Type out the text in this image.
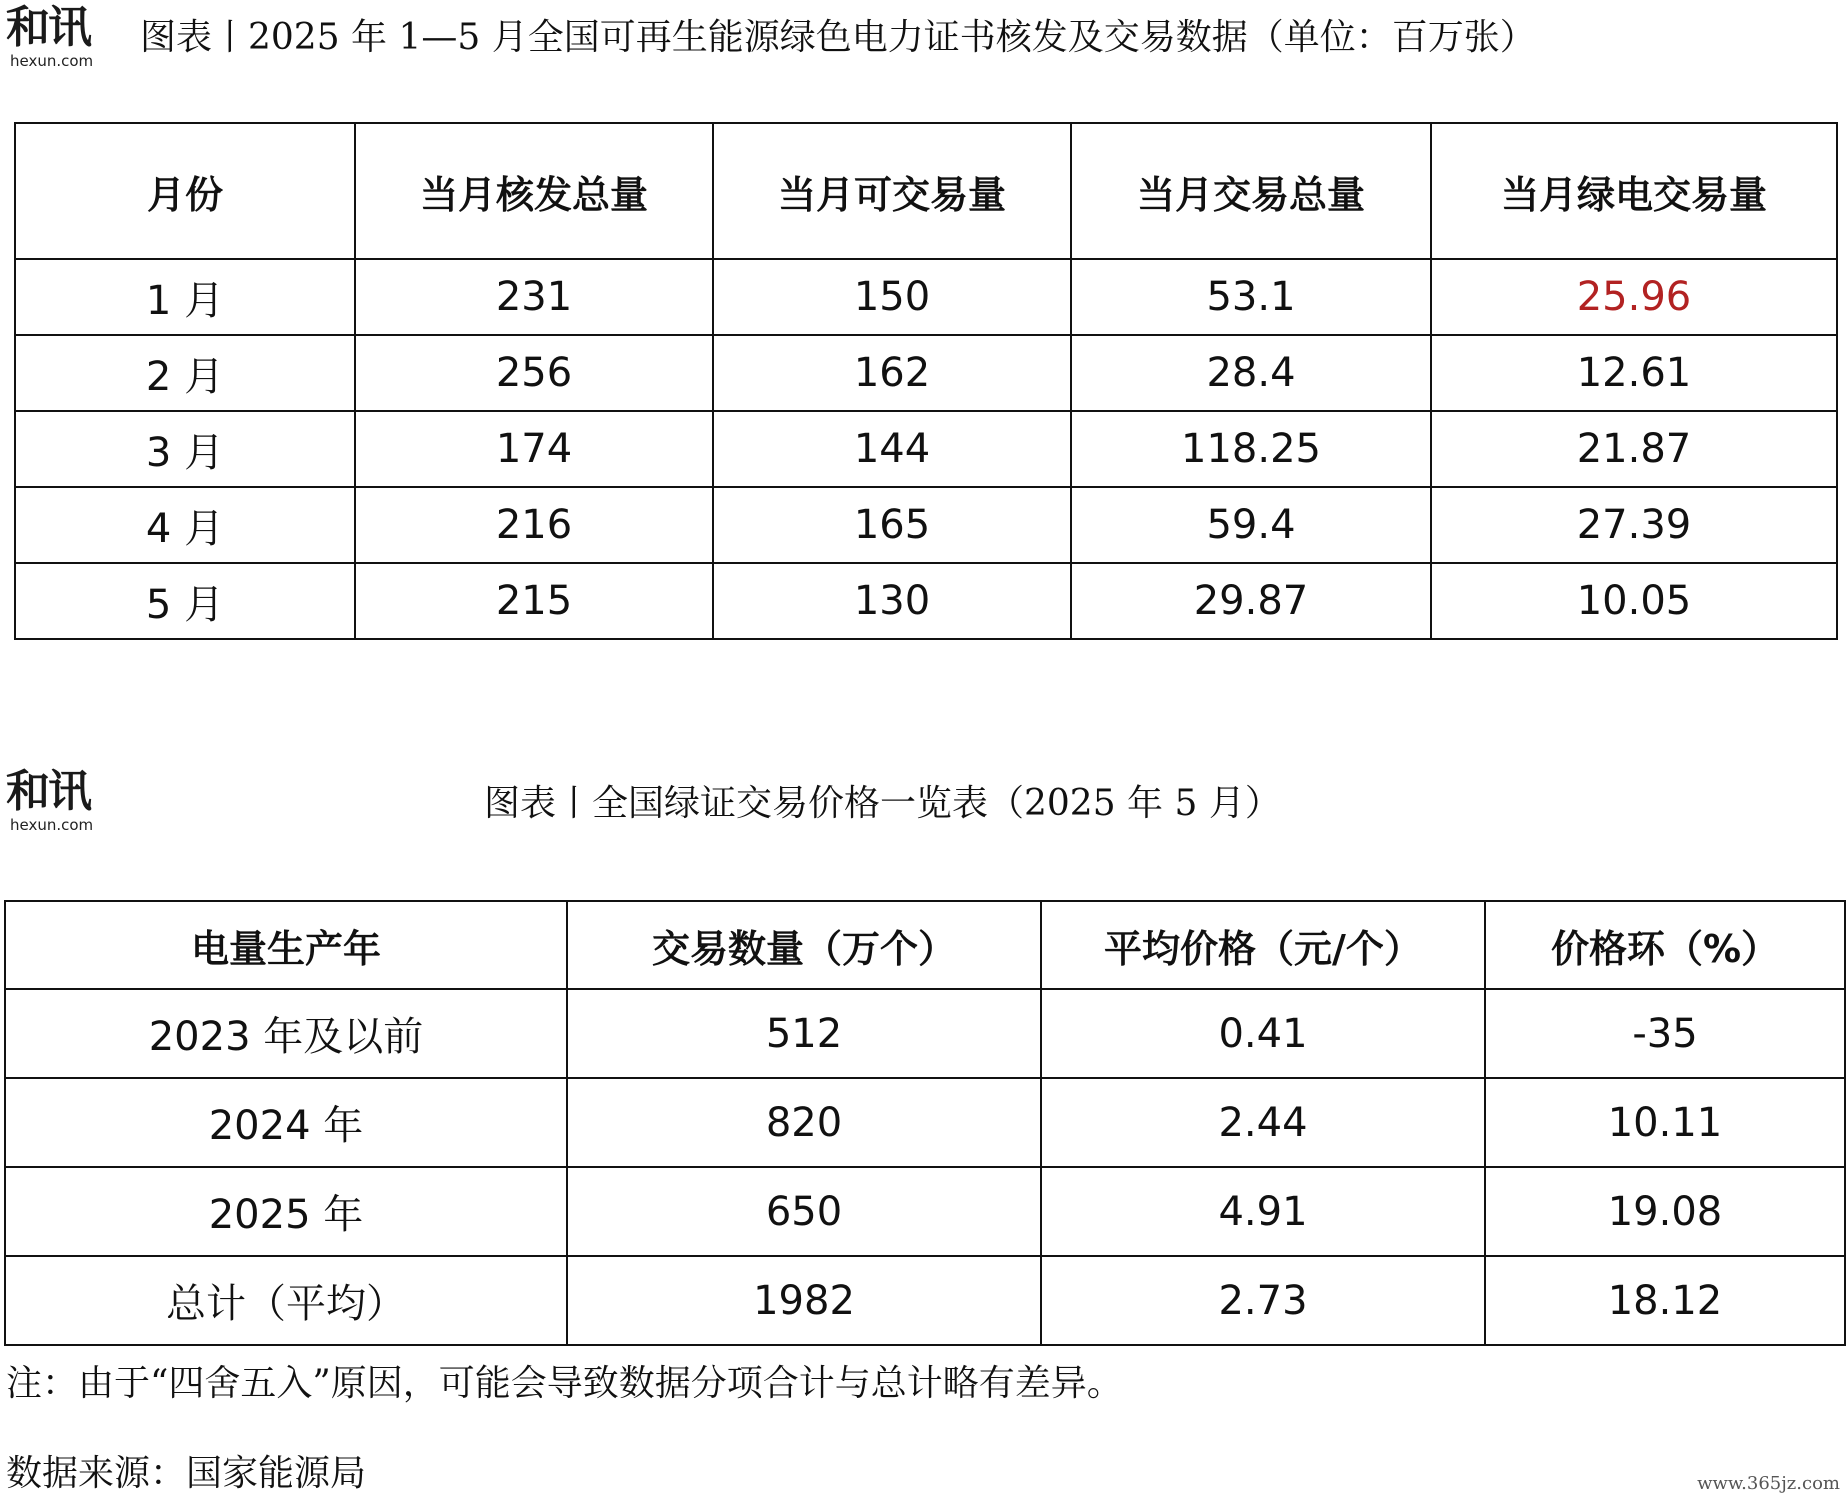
和讯
hexun.com
图表丨2025 年 1—5 月全国可再生能源绿色电力证书核发及交易数据（单位：百万张）
月份	当月核发总量	当月可交易量	当月交易总量	当月绿电交易量
1 月	231	150	53.1	25.96
2 月	256	162	28.4	12.61
3 月	174	144	118.25	21.87
4 月	216	165	59.4	27.39
5 月	215	130	29.87	10.05
和讯
hexun.com
图表丨全国绿证交易价格一览表（2025 年 5 月）
电量生产年	交易数量（万个）	平均价格（元/个）	价格环（%）
2023 年及以前	512	0.41	-35
2024 年	820	2.44	10.11
2025 年	650	4.91	19.08
总计（平均）	1982	2.73	18.12
注：由于“四舍五入”原因，可能会导致数据分项合计与总计略有差异。
数据来源：国家能源局	www.365jz.com
